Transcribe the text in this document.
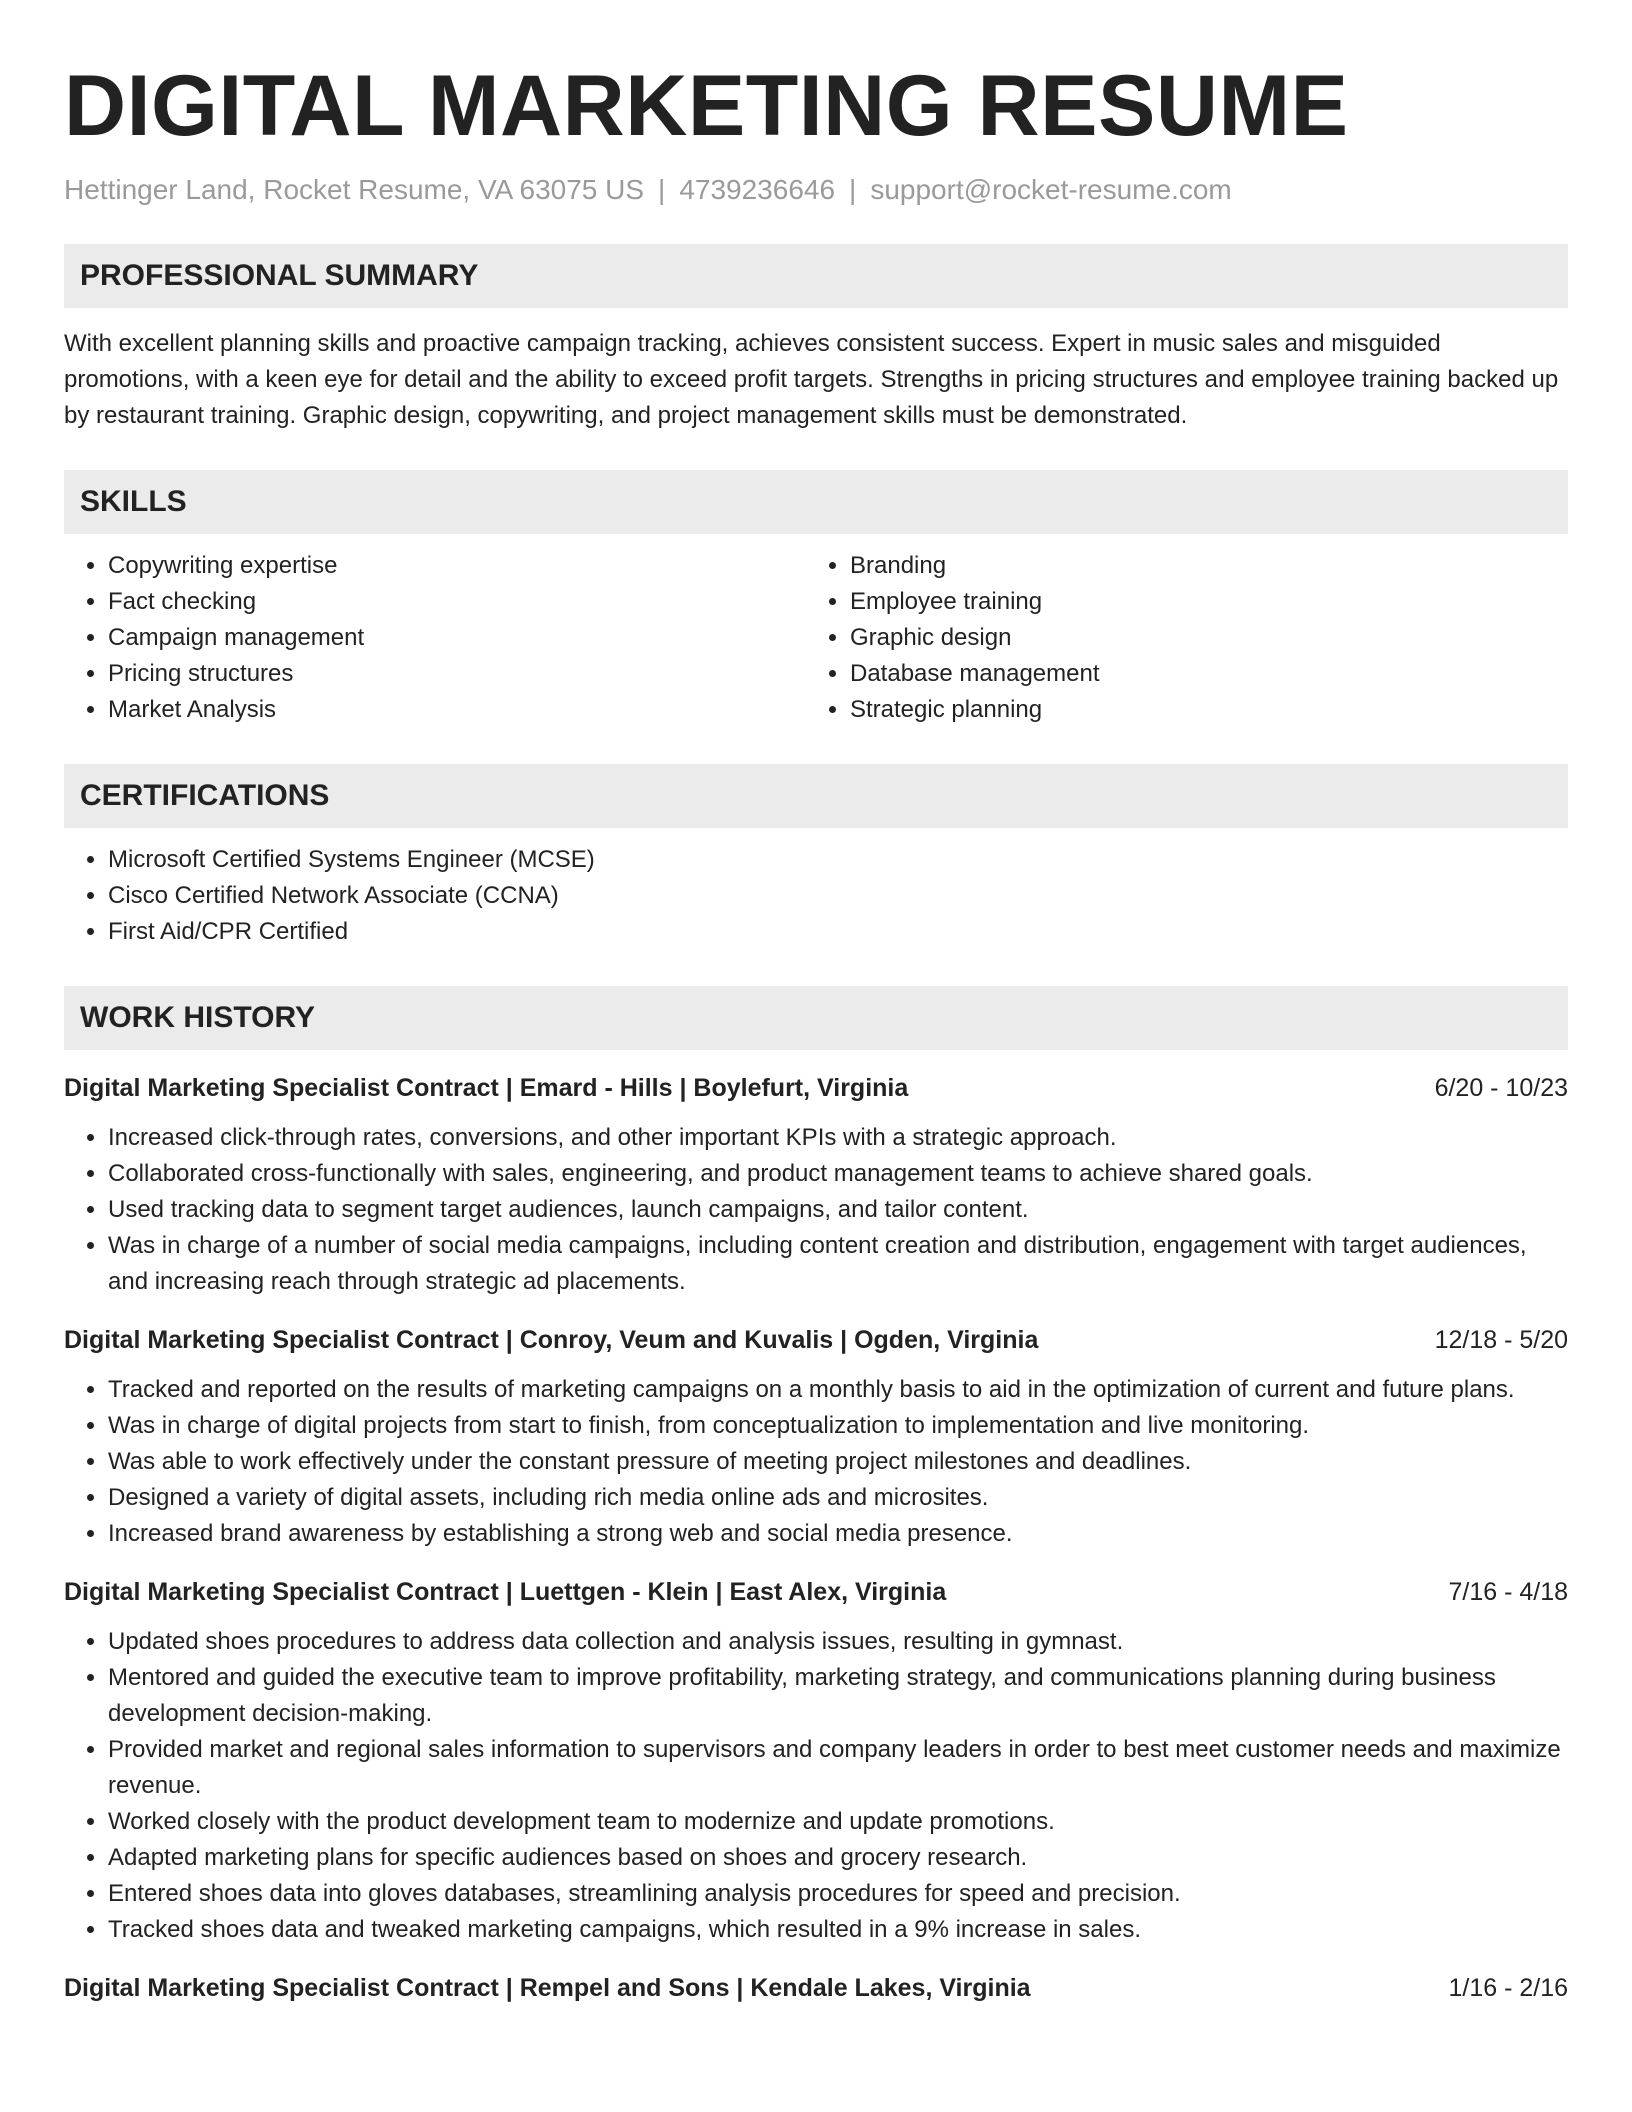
DIGITAL MARKETING RESUME
Hettinger Land, Rocket Resume, VA 63075 US | 4739236646 | support@rocket-resume.com
PROFESSIONAL SUMMARY
With excellent planning skills and proactive campaign tracking, achieves consistent success. Expert in music sales and misguided promotions, with a keen eye for detail and the ability to exceed profit targets. Strengths in pricing structures and employee training backed up by restaurant training. Graphic design, copywriting, and project management skills must be demonstrated.
SKILLS
• Copywriting expertise
• Fact checking
• Campaign management
• Pricing structures
• Market Analysis
• Branding
• Employee training
• Graphic design
• Database management
• Strategic planning
CERTIFICATIONS
• Microsoft Certified Systems Engineer (MCSE)
• Cisco Certified Network Associate (CCNA)
• First Aid/CPR Certified
WORK HISTORY
Digital Marketing Specialist Contract | Emard - Hills | Boylefurt, Virginia	6/20 - 10/23
• Increased click-through rates, conversions, and other important KPIs with a strategic approach.
• Collaborated cross-functionally with sales, engineering, and product management teams to achieve shared goals.
• Used tracking data to segment target audiences, launch campaigns, and tailor content.
• Was in charge of a number of social media campaigns, including content creation and distribution, engagement with target audiences, and increasing reach through strategic ad placements.
Digital Marketing Specialist Contract | Conroy, Veum and Kuvalis | Ogden, Virginia	12/18 - 5/20
• Tracked and reported on the results of marketing campaigns on a monthly basis to aid in the optimization of current and future plans.
• Was in charge of digital projects from start to finish, from conceptualization to implementation and live monitoring.
• Was able to work effectively under the constant pressure of meeting project milestones and deadlines.
• Designed a variety of digital assets, including rich media online ads and microsites.
• Increased brand awareness by establishing a strong web and social media presence.
Digital Marketing Specialist Contract | Luettgen - Klein | East Alex, Virginia	7/16 - 4/18
• Updated shoes procedures to address data collection and analysis issues, resulting in gymnast.
• Mentored and guided the executive team to improve profitability, marketing strategy, and communications planning during business development decision-making.
• Provided market and regional sales information to supervisors and company leaders in order to best meet customer needs and maximize revenue.
• Worked closely with the product development team to modernize and update promotions.
• Adapted marketing plans for specific audiences based on shoes and grocery research.
• Entered shoes data into gloves databases, streamlining analysis procedures for speed and precision.
• Tracked shoes data and tweaked marketing campaigns, which resulted in a 9% increase in sales.
Digital Marketing Specialist Contract | Rempel and Sons | Kendale Lakes, Virginia	1/16 - 2/16
